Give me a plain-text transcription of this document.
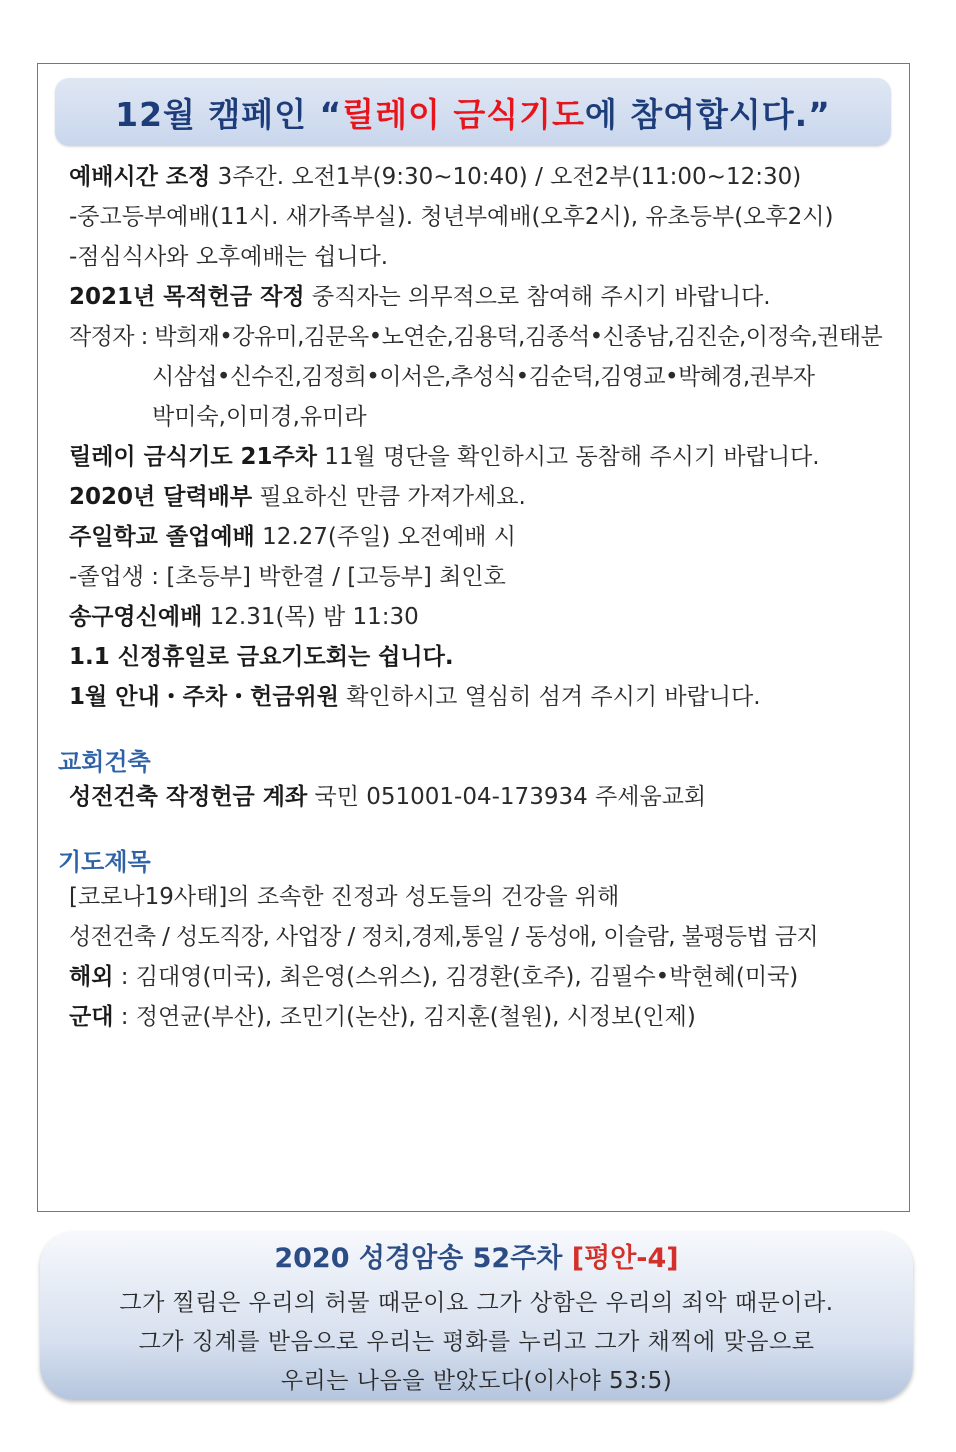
12월 캠페인 “ 릴레이 금식기도 에 참여합시다.”
예배시간 조정 3주간. 오전1부(9:30~10:40) / 오전2부(11:00~12:30)
-중고등부예배(11시. 새가족부실). 청년부예배(오후2시), 유초등부(오후2시)
-점심식사와 오후예배는 쉽니다.
2021년 목적헌금 작정 중직자는 의무적으로 참여해 주시기 바랍니다.
작정자 : 박희재•강유미,김문옥•노연순,김용덕,김종석•신종남,김진순,이정숙,권태분
시삼섭•신수진,김정희•이서은,추성식•김순덕,김영교•박혜경,권부자
박미숙,이미경,유미라
릴레이 금식기도 21주차 11월 명단을 확인하시고 동참해 주시기 바랍니다.
2020년 달력배부 필요하신 만큼 가져가세요.
주일학교 졸업예배 12.27(주일) 오전예배 시
-졸업생 : [초등부] 박한결 / [고등부] 최인호
송구영신예배 12.31(목) 밤 11:30
1.1 신정휴일로 금요기도회는 쉽니다.
1월 안내・주차・헌금위원 확인하시고 열심히 섬겨 주시기 바랍니다.
교회건축
성전건축 작정헌금 계좌 국민 051001-04-173934 주세움교회
기도제목
[코로나19사태]의 조속한 진정과 성도들의 건강을 위해
성전건축 / 성도직장, 사업장 / 정치,경제,통일 / 동성애, 이슬람, 불평등법 금지
해외 : 김대영(미국), 최은영(스위스), 김경환(호주), 김필수•박현혜(미국)
군대 : 정연균(부산), 조민기(논산), 김지훈(철원), 시정보(인제)
2020 성경암송 52주차 [평안-4]
그가 찔림은 우리의 허물 때문이요 그가 상함은 우리의 죄악 때문이라.
그가 징계를 받음으로 우리는 평화를 누리고 그가 채찍에 맞음으로
우리는 나음을 받았도다(이사야 53:5)
